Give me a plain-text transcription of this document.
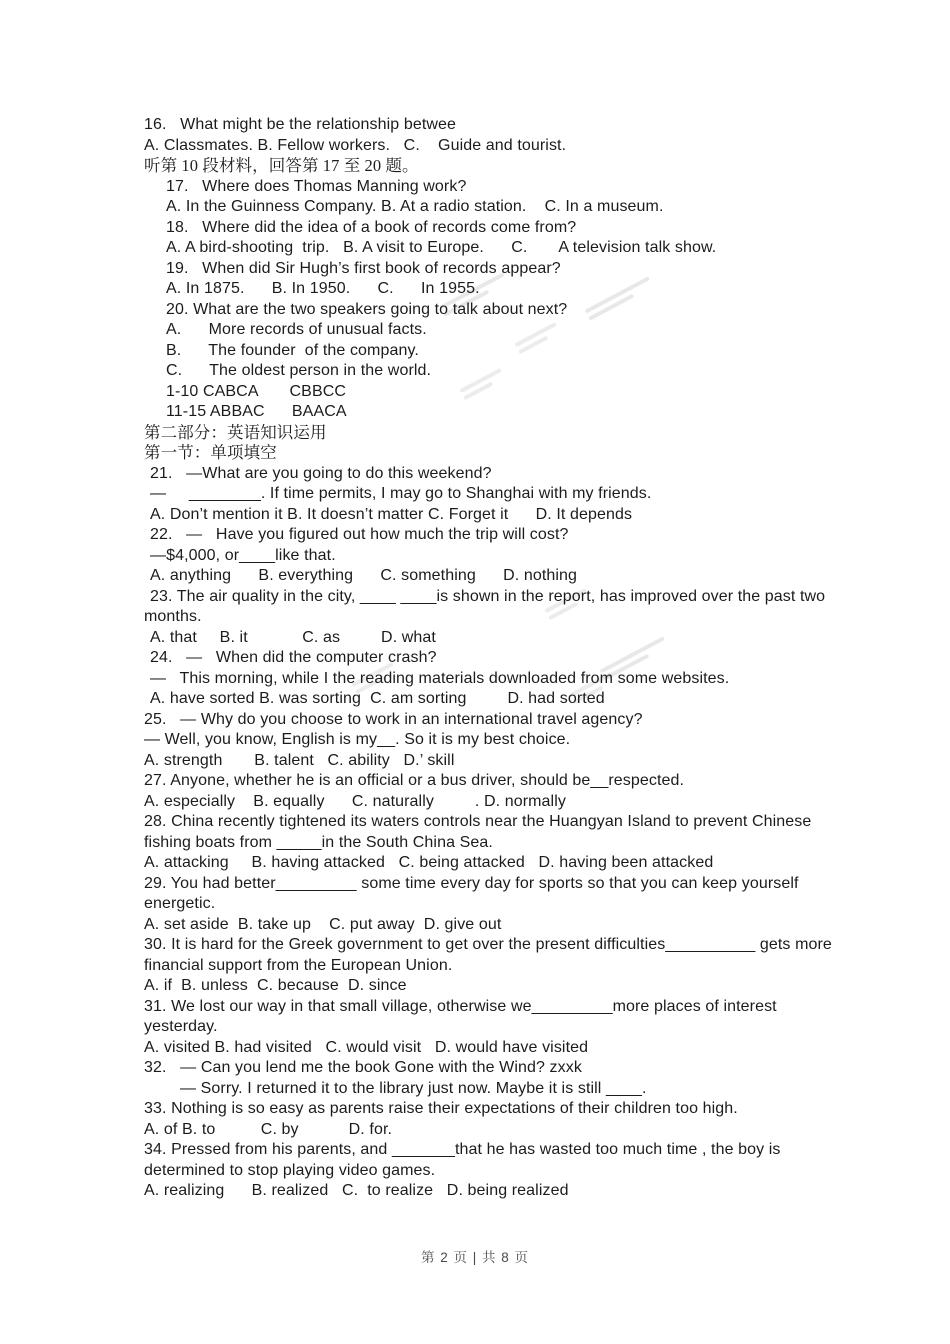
16.   What might be the relationship betwee
A. Classmates. B. Fellow workers.   C.    Guide and tourist.
听第 10 段材料，回答第 17 至 20 题。
17.   Where does Thomas Manning work?
A. In the Guinness Company. B. At a radio station.    C. In a museum.
18.   Where did the idea of a book of records come from?
A. A bird-shooting  trip.   B. A visit to Europe.      C.       A television talk show.
19.   When did Sir Hugh’s first book of records appear?
A. In 1875.      B. In 1950.      C.      In 1955.
20. What are the two speakers going to talk about next?
A.      More records of unusual facts.
B.      The founder  of the company.
C.      The oldest person in the world.
1-10 CABCA       CBBCC
11-15 ABBAC      BAACA
第二部分：英语知识运用
第一节：单项填空
21.   —What are you going to do this weekend?
—     ________. If time permits, I may go to Shanghai with my friends.
A. Don’t mention it B. It doesn’t matter C. Forget it      D. It depends
22.   —   Have you figured out how much the trip will cost?
—$4,000, or____like that.
A. anything      B. everything      C. something      D. nothing
23. The air quality in the city, ____ ____is shown in the report, has improved over the past two
months.
A. that     B. it            C. as         D. what
24.   —   When did the computer crash?
—   This morning, while I the reading materials downloaded from some websites.
A. have sorted B. was sorting  C. am sorting         D. had sorted
25.   — Why do you choose to work in an international travel agency?
— Well, you know, English is my__. So it is my best choice.
A. strength       B. talent   C. ability   D.’ skill
27. Anyone, whether he is an official or a bus driver, should be__respected.
A. especially    B. equally      C. naturally         . D. normally
28. China recently tightened its waters controls near the Huangyan Island to prevent Chinese
fishing boats from _____in the South China Sea.
A. attacking     B. having attacked   C. being attacked   D. having been attacked
29. You had better_________ some time every day for sports so that you can keep yourself
energetic.
A. set aside  B. take up    C. put away  D. give out
30. It is hard for the Greek government to get over the present difficulties__________ gets more
financial support from the European Union.
A. if  B. unless  C. because  D. since
31. We lost our way in that small village, otherwise we_________more places of interest
yesterday.
A. visited B. had visited   C. would visit   D. would have visited
32.   — Can you lend me the book Gone with the Wind? zxxk
— Sorry. I returned it to the library just now. Maybe it is still ____.
33. Nothing is so easy as parents raise their expectations of their children too high.
A. of B. to          C. by           D. for.
34. Pressed from his parents, and _______that he has wasted too much time , the boy is
determined to stop playing video games.
A. realizing      B. realized   C.  to realize   D. being realized
第 2 页 | 共 8 页
